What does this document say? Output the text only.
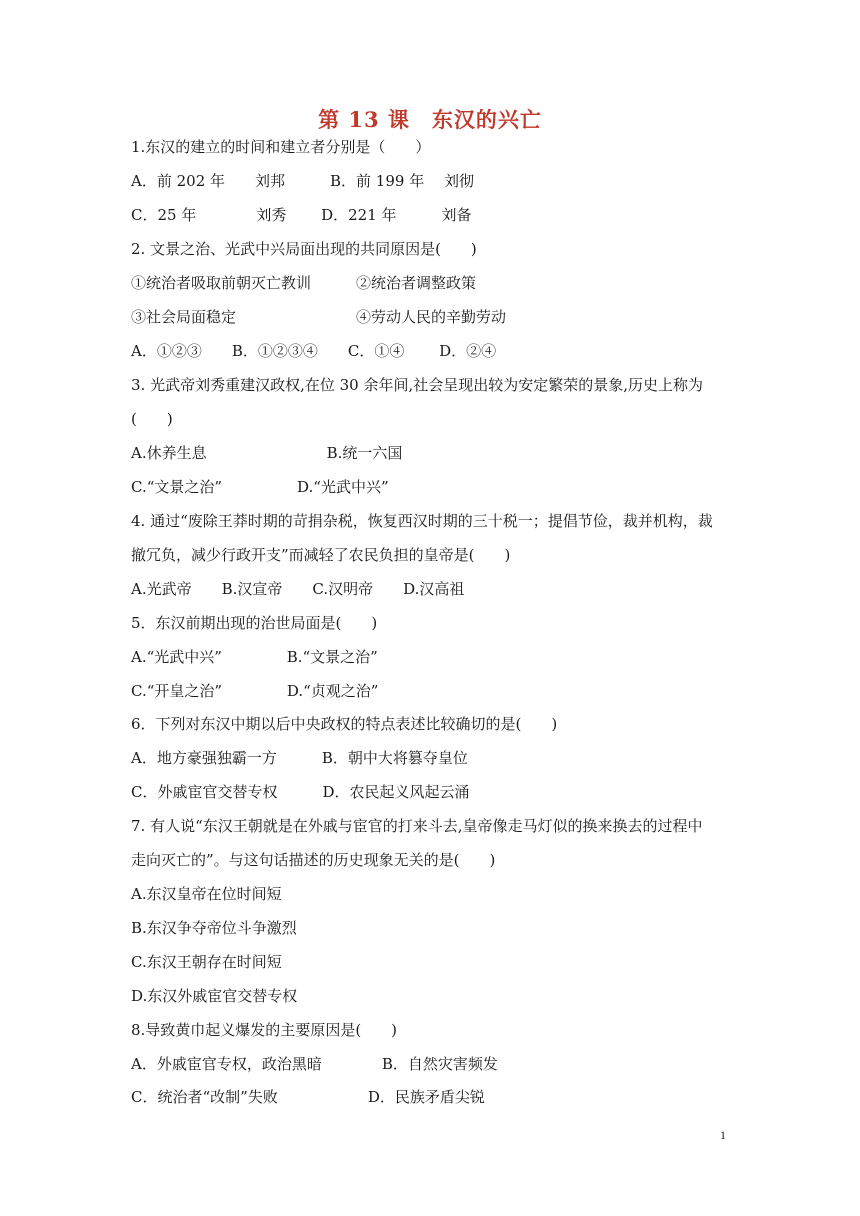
第 13 课　东汉的兴亡
1.东汉的建立的时间和建立者分别是（　　）
A．前 202 年　　刘邦　　　B．前 199 年　 刘彻
C．25 年　　　　刘秀　　 D．221 年　　　刘备
2. 文景之治、光武中兴局面出现的共同原因是(　　)
①统治者吸取前朝灭亡教训　　　②统治者调整政策
③社会局面稳定　　　　　　　　④劳动人民的辛勤劳动
A．①②③　　B．①②③④　　C．①④　　 D．②④
3. 光武帝刘秀重建汉政权,在位 30 余年间,社会呈现出较为安定繁荣的景象,历史上称为
(　　)
A.休养生息　　　　　　　　B.统一六国
C.“文景之治”　　　　　D.“光武中兴”
4. 通过“废除王莽时期的苛捐杂税，恢复西汉时期的三十税一；提倡节俭，裁并机构，裁
撤冗负，减少行政开支”而减轻了农民负担的皇帝是(　　)
A.光武帝　　B.汉宣帝　　C.汉明帝　　D.汉高祖
5．东汉前期出现的治世局面是(　　)
A.“光武中兴”　　　　 B.“文景之治”
C.“开皇之治”　　　　 D.“贞观之治”
6．下列对东汉中期以后中央政权的特点表述比较确切的是(　　)
A．地方豪强独霸一方　　　B．朝中大将篡夺皇位
C．外戚宦官交替专权　　　D．农民起义风起云涌
7. 有人说“东汉王朝就是在外戚与宦官的打来斗去,皇帝像走马灯似的换来换去的过程中
走向灭亡的”。与这句话描述的历史现象无关的是(　　)
A.东汉皇帝在位时间短
B.东汉争夺帝位斗争激烈
C.东汉王朝存在时间短
D.东汉外戚宦官交替专权
8.导致黄巾起义爆发的主要原因是(　　)
A．外戚宦官专权，政治黑暗　　　　B．自然灾害频发
C．统治者“改制”失败　　　　　　D．民族矛盾尖锐
1
